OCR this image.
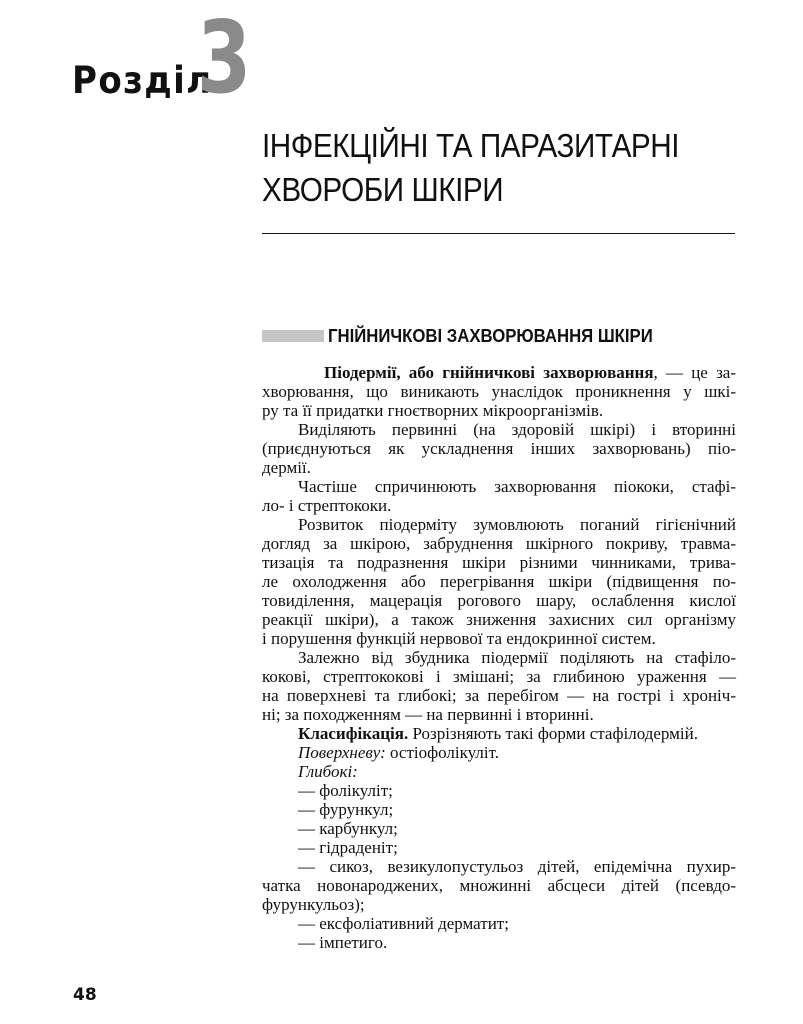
Розділ
3
ІНФЕКЦІЙНІ ТА ПАРАЗИТАРНІ
ХВОРОБИ ШКІРИ
ГНІЙНИЧКОВІ ЗАХВОРЮВАННЯ ШКІРИ
Піодермії, або гнійничкові захворювання, — це за-
хворювання, що виникають унаслідок проникнення у шкі-
ру та її придатки гноєтворних мікроорганізмів.
Виділяють первинні (на здоровій шкірі) і вторинні
(приєднуються як ускладнення інших захворювань) піо-
дермії.
Частіше спричинюють захворювання піококи, стафі-
ло- і стрептококи.
Розвиток піодерміту зумовлюють поганий гігієнічний
догляд за шкірою, забруднення шкірного покриву, травма-
тизація та подразнення шкіри різними чинниками, трива-
ле охолодження або перегрівання шкіри (підвищення по-
товиділення, мацерація рогового шару, ослаблення кислої
реакції шкіри), а також зниження захисних сил організму
і порушення функцій нервової та ендокринної систем.
Залежно від збудника піодермії поділяють на стафіло-
кокові, стрептококові і змішані; за глибиною ураження —
на поверхневі та глибокі; за перебігом — на гострі і хроніч-
ні; за походженням — на первинні і вторинні.
Класифікація. Розрізняють такі форми стафілодермій.
Поверхневу: остіофолікуліт.
Глибокі:
— фолікуліт;
— фурункул;
— карбункул;
— гідраденіт;
— сикоз, везикулопустульоз дітей, епідемічна пухир-
чатка новонароджених, множинні абсцеси дітей (псевдо-
фурункульоз);
— ексфоліативний дерматит;
— імпетиго.
48
